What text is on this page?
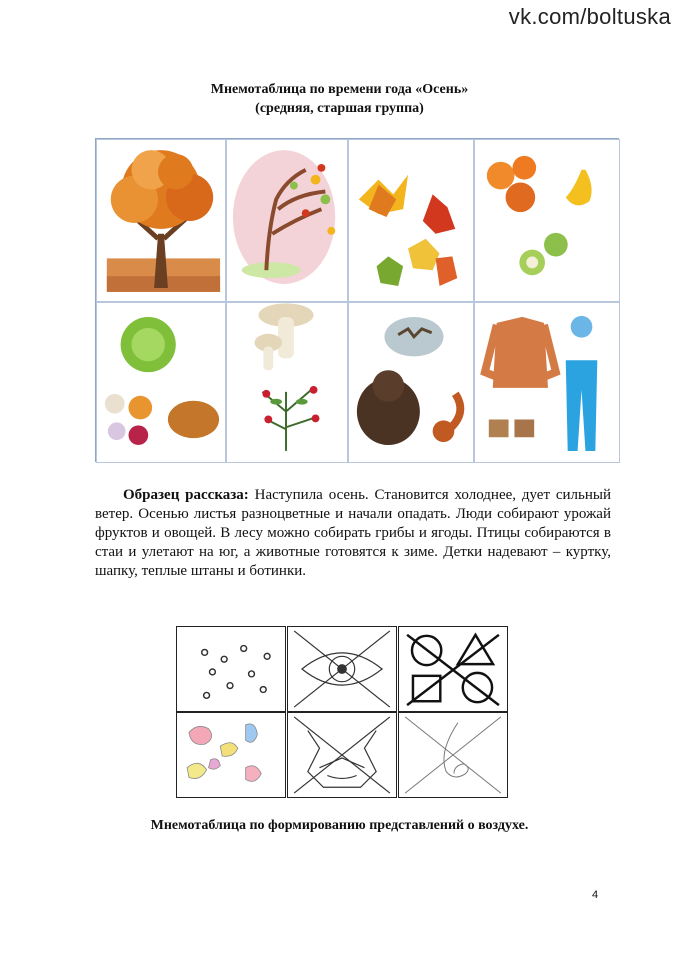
vk.com/boltuska
Мнемотаблица по времени года «Осень»
(средняя, старшая группа)
Образец рассказа: Наступила осень. Становится холоднее, дует сильный ветер. Осенью листья разноцветные и начали опадать. Люди собирают урожай фруктов и овощей. В лесу можно собирать грибы и ягоды. Птицы собираются в стаи и улетают на юг, а животные готовятся к зиме. Детки надевают – куртку, шапку, теплые штаны и ботинки.
Мнемотаблица по формированию представлений о воздухе.
4
